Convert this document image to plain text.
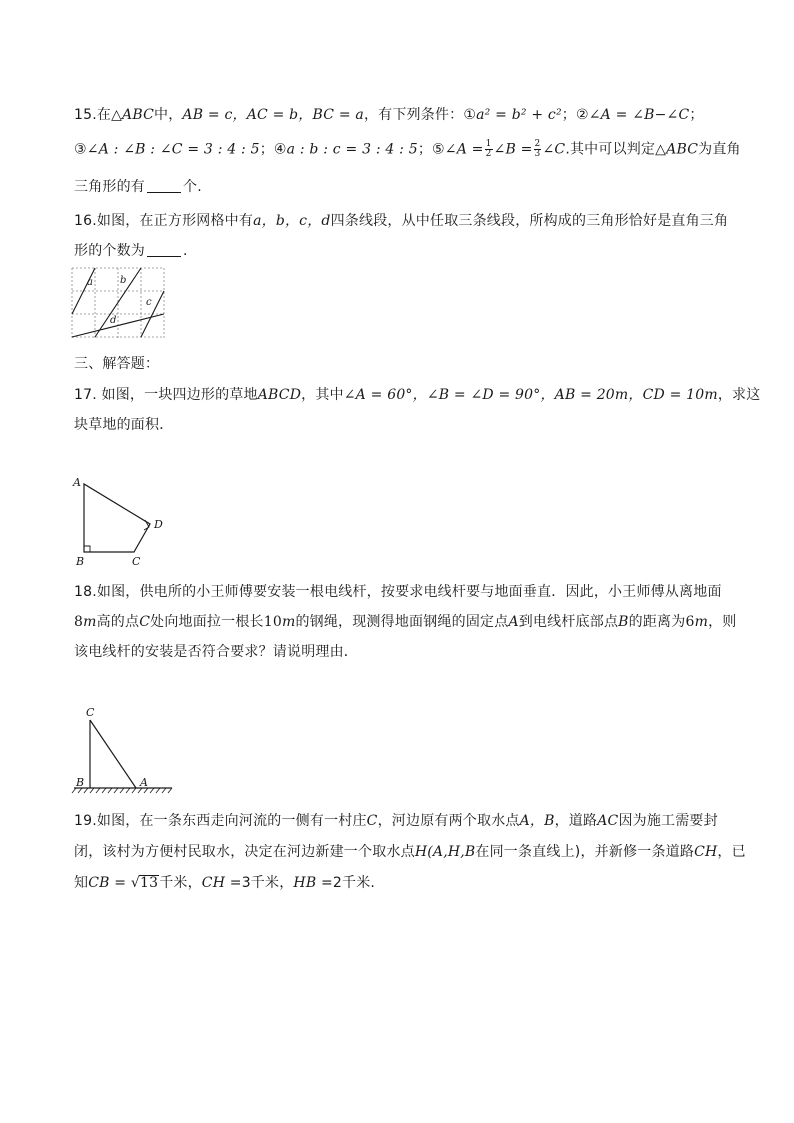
15.在△ABC中，AB = c，AC = b，BC = a，有下列条件：①a² = b² + c²；②∠A = ∠B−∠C；
③∠A : ∠B : ∠C = 3 : 4 : 5；④a : b : c = 3 : 4 : 5；⑤∠A = $\frac{1}{2}$ ∠B = $\frac{2}{3}$ ∠C.其中可以判定△ABC为直角
三角形的有	个.
16.如图，在正方形网格中有a，b，c，d四条线段，从中任取三条线段，所构成的三角形恰好是直角三角
形的个数为	.
a	b
c
d
三、解答题：
17. 如图，一块四边形的草地ABCD，其中∠A = 60°，∠B = ∠D = 90°，AB = 20m，CD = 10m，求这
块草地的面积．
A
B	C
D
18.如图，供电所的小王师傅要安装一根电线杆，按要求电线杆要与地面垂直．因此，小王师傅从离地面
8m高的点C处向地面拉一根长10m的钢绳，现测得地面钢绳的固定点A到电线杆底部点B的距离为6m，则
该电线杆的安装是否符合要求？请说明理由．
C
B	A
19.如图，在一条东西走向河流的一侧有一村庄C，河边原有两个取水点A，B，道路AC因为施工需要封
闭，该村为方便村民取水，决定在河边新建一个取水点H(A,H,B在同一条直线上)，并新修一条道路CH，已
知CB = √13千米，CH =3千米，HB =2千米.
